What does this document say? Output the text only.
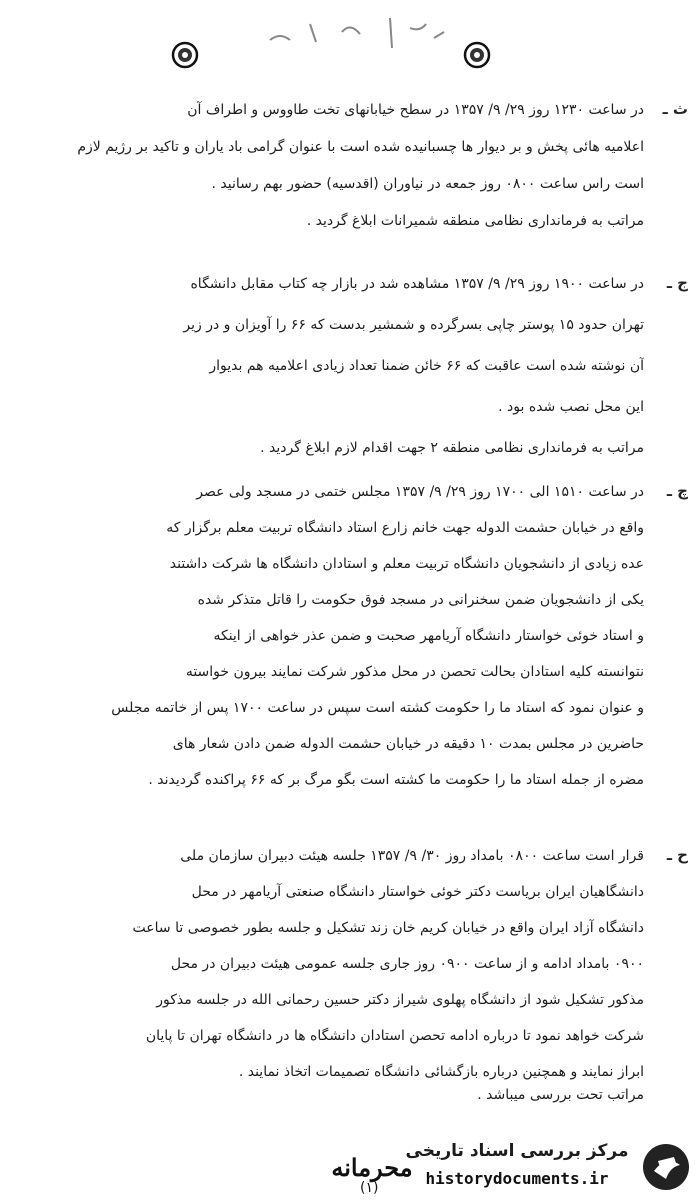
ث ـ

در ساعت ۱۲۳۰ روز ۲۹/ ۹/ ۱۳۵۷ در سطح خیابانهای تخت طاووس و اطراف آن

اعلامیه هائی پخش و بر دیوار ها چسبانیده شده است با عنوان گرامی باد یاران و تاکید بر رژیم لازم

است راس ساعت ۰۸۰۰ روز جمعه در نیاوران (اقدسیه) حضور بهم رسانید .

مراتب به فرمانداری نظامی منطقه شمیرانات ابلاغ گردید .

ج ـ

در ساعت ۱۹۰۰ روز ۲۹/ ۹/ ۱۳۵۷ مشاهده شد در بازار چه کتاب مقابل دانشگاه

تهران حدود ۱۵ پوستر چاپی بسرگرده و شمشیر بدست که ۶۶ را آویزان و در زیر

آن نوشته شده است عاقبت که ۶۶ خائن ضمنا تعداد زیادی اعلامیه هم بدیوار

این محل نصب شده بود .

مراتب به فرمانداری نظامی منطقه ۲ جهت اقدام لازم ابلاغ گردید .

چ ـ

در ساعت ۱۵۱۰ الی ۱۷۰۰ روز ۲۹/ ۹/ ۱۳۵۷ مجلس ختمی در مسجد ولی عصر

واقع در خیابان حشمت الدوله جهت خانم زارع استاد دانشگاه تربیت معلم برگزار که

عده زیادی از دانشجویان دانشگاه تربیت معلم و استادان دانشگاه ها شرکت داشتند

یکی از دانشجویان ضمن سخنرانی در مسجد فوق حکومت را قاتل متذکر شده

و استاد خوئی خواستار دانشگاه آریامهر صحبت و ضمن عذر خواهی از اینکه

نتوانسته کلیه استادان بحالت تحصن در محل مذکور شرکت نمایند بیرون خواسته

و عنوان نمود که استاد ما را حکومت کشته است سپس در ساعت ۱۷۰۰ پس از خاتمه مجلس

حاضرین در مجلس بمدت ۱۰ دقیقه در خیابان حشمت الدوله ضمن دادن شعار های

مضره از جمله استاد ما را حکومت ما کشته است بگو مرگ بر که ۶۶ پراکنده گردیدند .

ح ـ

قرار است ساعت ۰۸۰۰ بامداد روز ۳۰/ ۹/ ۱۳۵۷ جلسه هیئت دبیران سازمان ملی

دانشگاهیان ایران بریاست دکتر خوئی خواستار دانشگاه صنعتی آریامهر در محل

دانشگاه آزاد ایران واقع در خیابان کریم خان زند تشکیل و جلسه بطور خصوصی تا ساعت

۰۹۰۰ بامداد ادامه و از ساعت ۰۹۰۰ روز جاری جلسه عمومی هیئت دبیران در محل

مذکور تشکیل شود از دانشگاه پهلوی شیراز دکتر حسین رحمانی الله در جلسه مذکور

شرکت خواهد نمود تا درباره ادامه تحصن استادان دانشگاه ها در دانشگاه تهران تا پایان

ابراز نمایند و همچنین درباره بازگشائی دانشگاه تصمیمات اتخاذ نمایند .

مراتب تحت بررسی میباشد .

محرمانه
(۱)
مرکز بررسی اسناد تاریخی
historydocuments.ir
